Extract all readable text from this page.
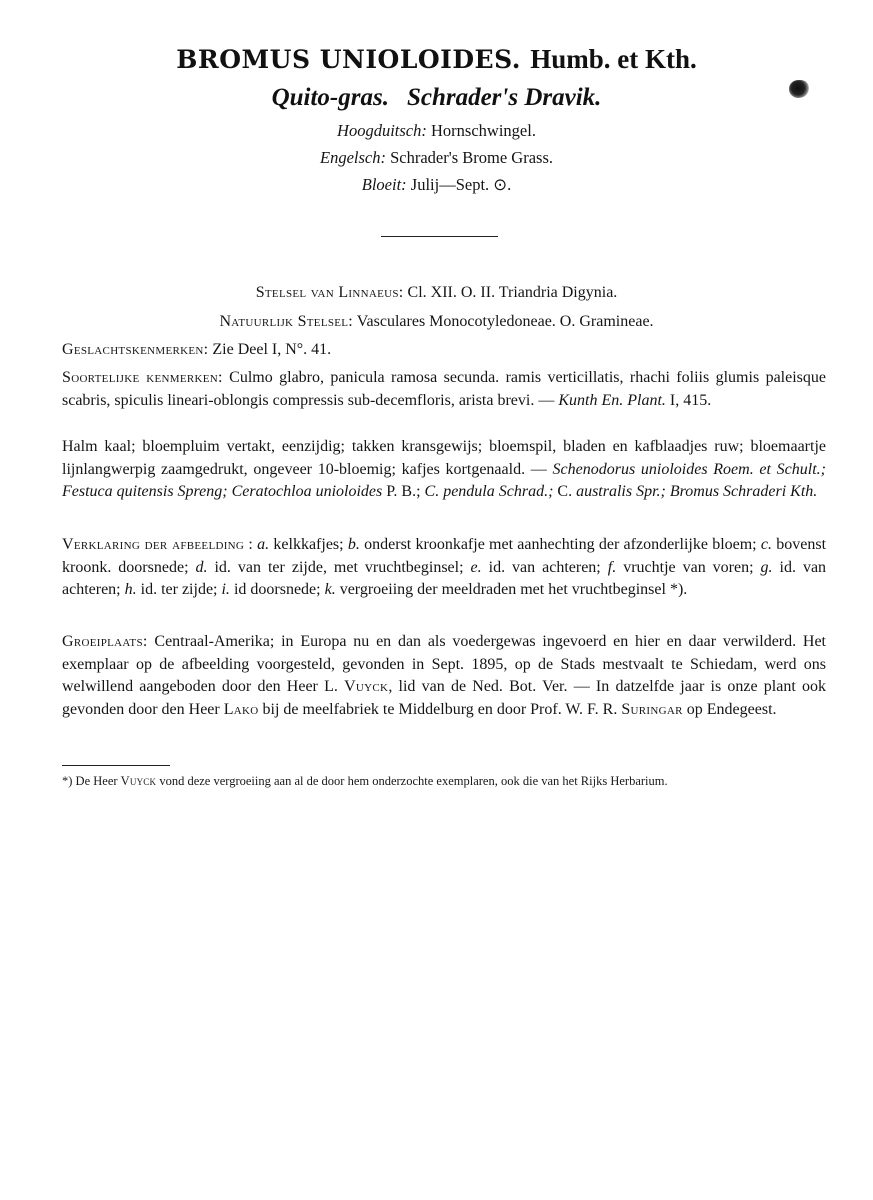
BROMUS UNIOLOIDES. Humb. et Kth.
Quito-gras. Schrader's Dravik.
Hoogduitsch: Hornschwingel.
Engelsch: Schrader's Brome Grass.
Bloeit: Julij—Sept. ⊙.
Stelsel van Linnaeus: Cl. XII. O. II. Triandria Digynia.
Natuurlijk Stelsel: Vasculares Monocotyledoneae. O. Gramineae.
Geslachtskenmerken: Zie Deel I, N°. 41.
Soortelijke kenmerken: Culmo glabro, panicula ramosa secunda. ramis verticillatis, rhachi foliis glumis paleisque scabris, spiculis lineari-oblongis compressis sub-decemfloris, arista brevi. — Kunth En. Plant. I, 415.
Halm kaal; bloempluim vertakt, eenzijdig; takken kransgewijs; bloemspil, bladen en kafblaadjes ruw; bloemaartje lijnlangwerpig zaamgedrukt, ongeveer 10-bloemig; kafjes kortgenaald. — Schenodorus unioloides Roem. et Schult.; Festuca quitensis Spreng; Ceratochloa unioloides P. B.; C. pendula Schrad.; C. australis Spr.; Bromus Schraderi Kth.
Verklaring der afbeelding : a. kelkkafjes; b. onderst kroonkafje met aanhechting der afzonderlijke bloem; c. bovenst kroonk. doorsnede; d. id. van ter zijde, met vruchtbeginsel; e. id. van achteren; f. vruchtje van voren; g. id. van achteren; h. id. ter zijde; i. id doorsnede; k. vergroeiing der meeldraden met het vruchtbeginsel *).
Groeiplaats: Centraal-Amerika; in Europa nu en dan als voedergewas ingevoerd en hier en daar verwilderd. Het exemplaar op de afbeelding voorgesteld, gevonden in Sept. 1895, op de Stads mestvaalt te Schiedam, werd ons welwillend aangeboden door den Heer L. Vuyck, lid van de Ned. Bot. Ver. — In datzelfde jaar is onze plant ook gevonden door den Heer Lako bij de meelfabriek te Middelburg en door Prof. W. F. R. Suringar op Endegeest.
*) De Heer Vuyck vond deze vergroeiing aan al de door hem onderzochte exemplaren, ook die van het Rijks Herbarium.
